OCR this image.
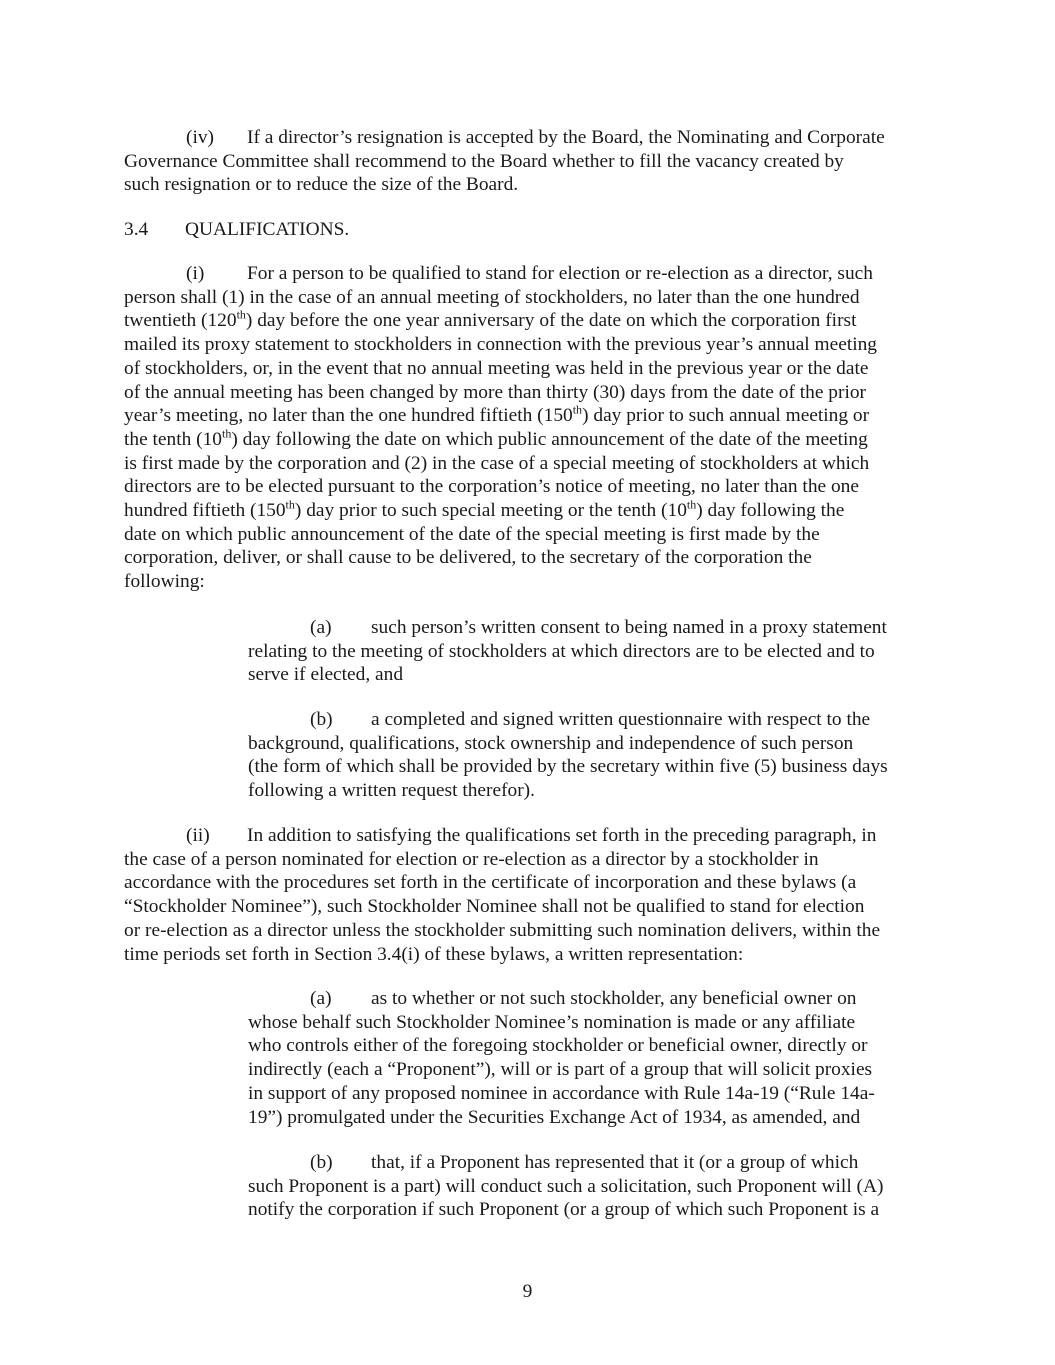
(iv) If a director’s resignation is accepted by the Board, the Nominating and Corporate
Governance Committee shall recommend to the Board whether to fill the vacancy created by
such resignation or to reduce the size of the Board.
3.4 QUALIFICATIONS.
(i) For a person to be qualified to stand for election or re-election as a director, such
person shall (1) in the case of an annual meeting of stockholders, no later than the one hundred
twentieth (120th) day before the one year anniversary of the date on which the corporation first
mailed its proxy statement to stockholders in connection with the previous year’s annual meeting
of stockholders, or, in the event that no annual meeting was held in the previous year or the date
of the annual meeting has been changed by more than thirty (30) days from the date of the prior
year’s meeting, no later than the one hundred fiftieth (150th) day prior to such annual meeting or
the tenth (10th) day following the date on which public announcement of the date of the meeting
is first made by the corporation and (2) in the case of a special meeting of stockholders at which
directors are to be elected pursuant to the corporation’s notice of meeting, no later than the one
hundred fiftieth (150th) day prior to such special meeting or the tenth (10th) day following the
date on which public announcement of the date of the special meeting is first made by the
corporation, deliver, or shall cause to be delivered, to the secretary of the corporation the
following:
(a) such person’s written consent to being named in a proxy statement
relating to the meeting of stockholders at which directors are to be elected and to
serve if elected, and
(b) a completed and signed written questionnaire with respect to the
background, qualifications, stock ownership and independence of such person
(the form of which shall be provided by the secretary within five (5) business days
following a written request therefor).
(ii) In addition to satisfying the qualifications set forth in the preceding paragraph, in
the case of a person nominated for election or re-election as a director by a stockholder in
accordance with the procedures set forth in the certificate of incorporation and these bylaws (a
“Stockholder Nominee”), such Stockholder Nominee shall not be qualified to stand for election
or re-election as a director unless the stockholder submitting such nomination delivers, within the
time periods set forth in Section 3.4(i) of these bylaws, a written representation:
(a) as to whether or not such stockholder, any beneficial owner on
whose behalf such Stockholder Nominee’s nomination is made or any affiliate
who controls either of the foregoing stockholder or beneficial owner, directly or
indirectly (each a “Proponent”), will or is part of a group that will solicit proxies
in support of any proposed nominee in accordance with Rule 14a-19 (“Rule 14a-
19”) promulgated under the Securities Exchange Act of 1934, as amended, and
(b) that, if a Proponent has represented that it (or a group of which
such Proponent is a part) will conduct such a solicitation, such Proponent will (A)
notify the corporation if such Proponent (or a group of which such Proponent is a
9
